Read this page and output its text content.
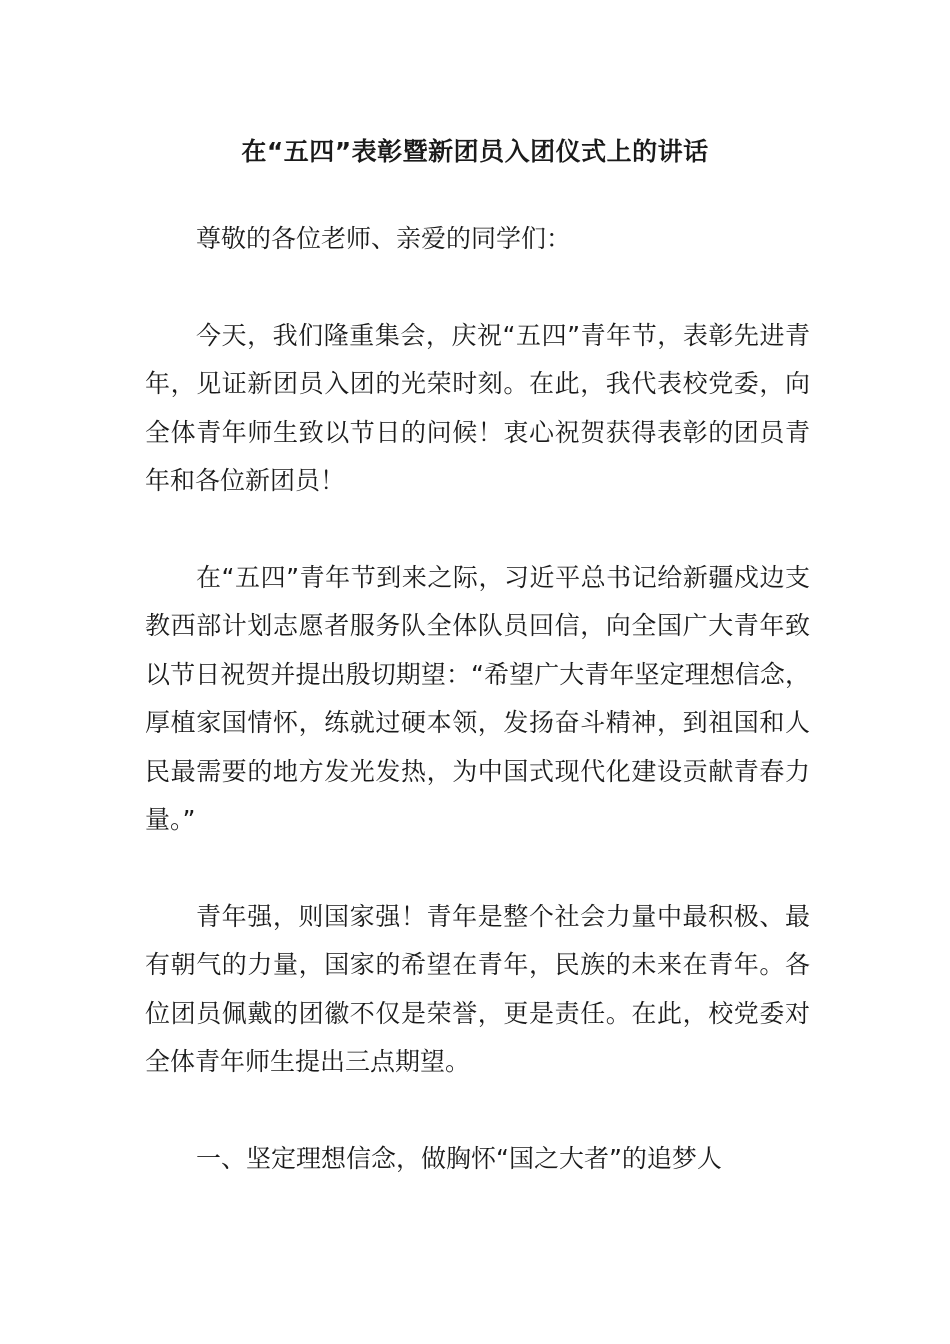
在“五四”表彰暨新团员入团仪式上的讲话

尊敬的各位老师、亲爱的同学们：

今天，我们隆重集会，庆祝“五四”青年节，表彰先进青年，见证新团员入团的光荣时刻。在此，我代表校党委，向全体青年师生致以节日的问候！衷心祝贺获得表彰的团员青年和各位新团员！

在“五四”青年节到来之际，习近平总书记给新疆戍边支教西部计划志愿者服务队全体队员回信，向全国广大青年致以节日祝贺并提出殷切期望：“希望广大青年坚定理想信念，厚植家国情怀，练就过硬本领，发扬奋斗精神，到祖国和人民最需要的地方发光发热，为中国式现代化建设贡献青春力量。”

青年强，则国家强！青年是整个社会力量中最积极、最有朝气的力量，国家的希望在青年，民族的未来在青年。各位团员佩戴的团徽不仅是荣誉，更是责任。在此，校党委对全体青年师生提出三点期望。

一、坚定理想信念，做胸怀“国之大者”的追梦人
